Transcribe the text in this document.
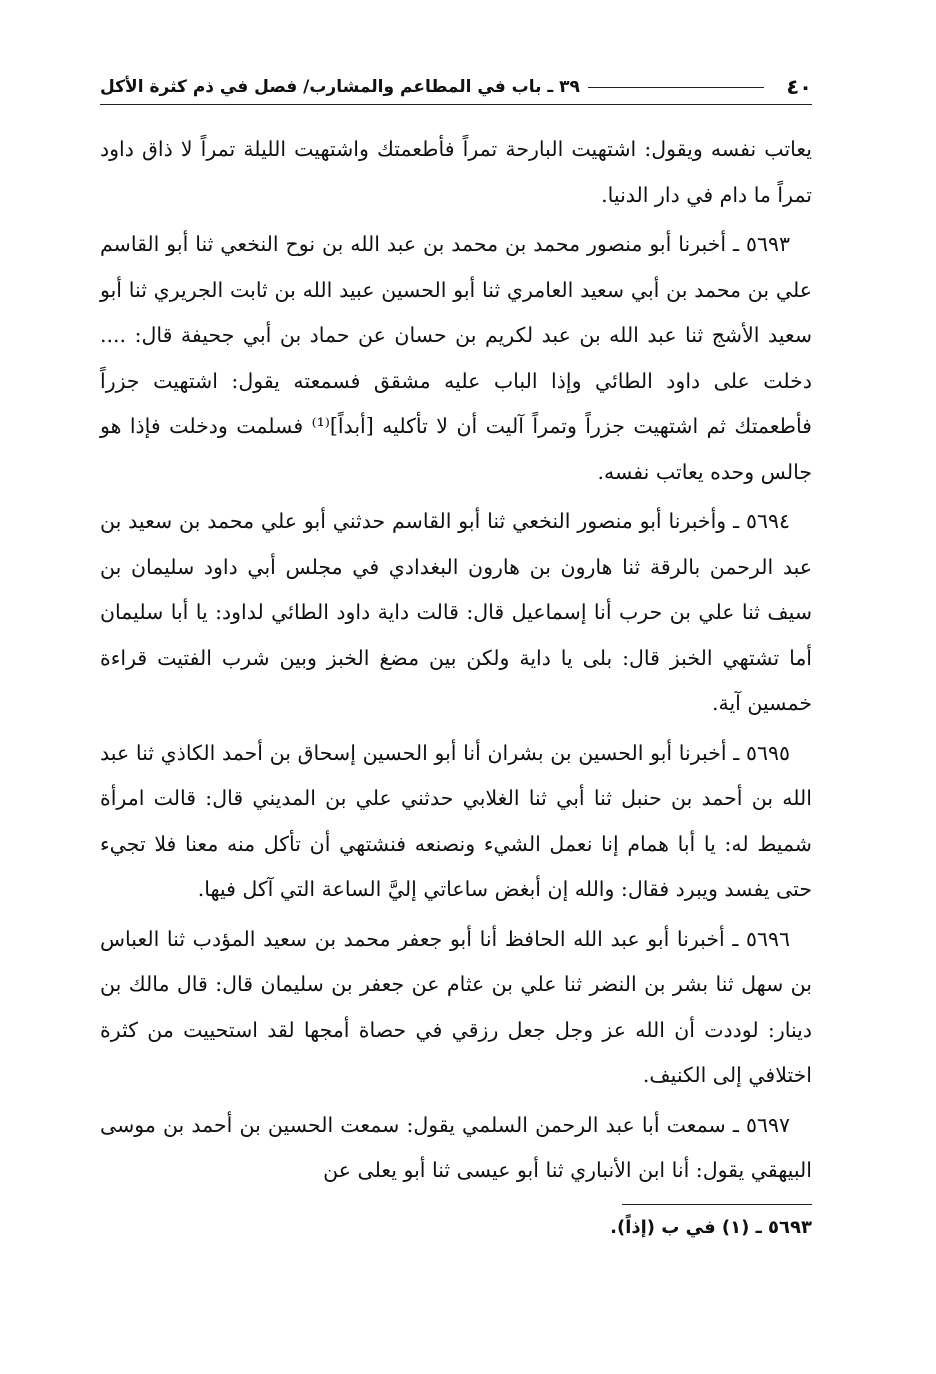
٤٠
٣٩ ـ باب في المطاعم والمشارب/ فصل في ذم كثرة الأكل

يعاتب نفسه ويقول: اشتهيت البارحة تمراً فأطعمتك واشتهيت الليلة تمراً لا ذاق داود تمراً ما دام في دار الدنيا.

٥٦٩٣ ـ أخبرنا أبو منصور محمد بن محمد بن عبد الله بن نوح النخعي ثنا أبو القاسم علي بن محمد بن أبي سعيد العامري ثنا أبو الحسين عبيد الله بن ثابت الجريري ثنا أبو سعيد الأشج ثنا عبد الله بن عبد لكريم بن حسان عن حماد بن أبي جحيفة قال: .... دخلت على داود الطائي وإذا الباب عليه مشقق فسمعته يقول: اشتهيت جزراً فأطعمتك ثم اشتهيت جزراً وتمراً آليت أن لا تأكليه [أبداً]⁽¹⁾ فسلمت ودخلت فإذا هو جالس وحده يعاتب نفسه.

٥٦٩٤ ـ وأخبرنا أبو منصور النخعي ثنا أبو القاسم حدثني أبو علي محمد بن سعيد بن عبد الرحمن بالرقة ثنا هارون بن هارون البغدادي في مجلس أبي داود سليمان بن سيف ثنا علي بن حرب أنا إسماعيل قال: قالت داية داود الطائي لداود: يا أبا سليمان أما تشتهي الخبز قال: بلى يا داية ولكن بين مضغ الخبز وبين شرب الفتيت قراءة خمسين آية.

٥٦٩٥ ـ أخبرنا أبو الحسين بن بشران أنا أبو الحسين إسحاق بن أحمد الكاذي ثنا عبد الله بن أحمد بن حنبل ثنا أبي ثنا الغلابي حدثني علي بن المديني قال: قالت امرأة شميط له: يا أبا همام إنا نعمل الشيء ونصنعه فنشتهي أن تأكل منه معنا فلا تجيء حتى يفسد ويبرد فقال: والله إن أبغض ساعاتي إليَّ الساعة التي آكل فيها.

٥٦٩٦ ـ أخبرنا أبو عبد الله الحافظ أنا أبو جعفر محمد بن سعيد المؤدب ثنا العباس بن سهل ثنا بشر بن النضر ثنا علي بن عثام عن جعفر بن سليمان قال: قال مالك بن دينار: لوددت أن الله عز وجل جعل رزقي في حصاة أمجها لقد استحييت من كثرة اختلافي إلى الكنيف.

٥٦٩٧ ـ سمعت أبا عبد الرحمن السلمي يقول: سمعت الحسين بن أحمد بن موسى البيهقي يقول: أنا ابن الأنباري ثنا أبو عيسى ثنا أبو يعلى عن

٥٦٩٣ ـ (١) في ب (إذاً).
